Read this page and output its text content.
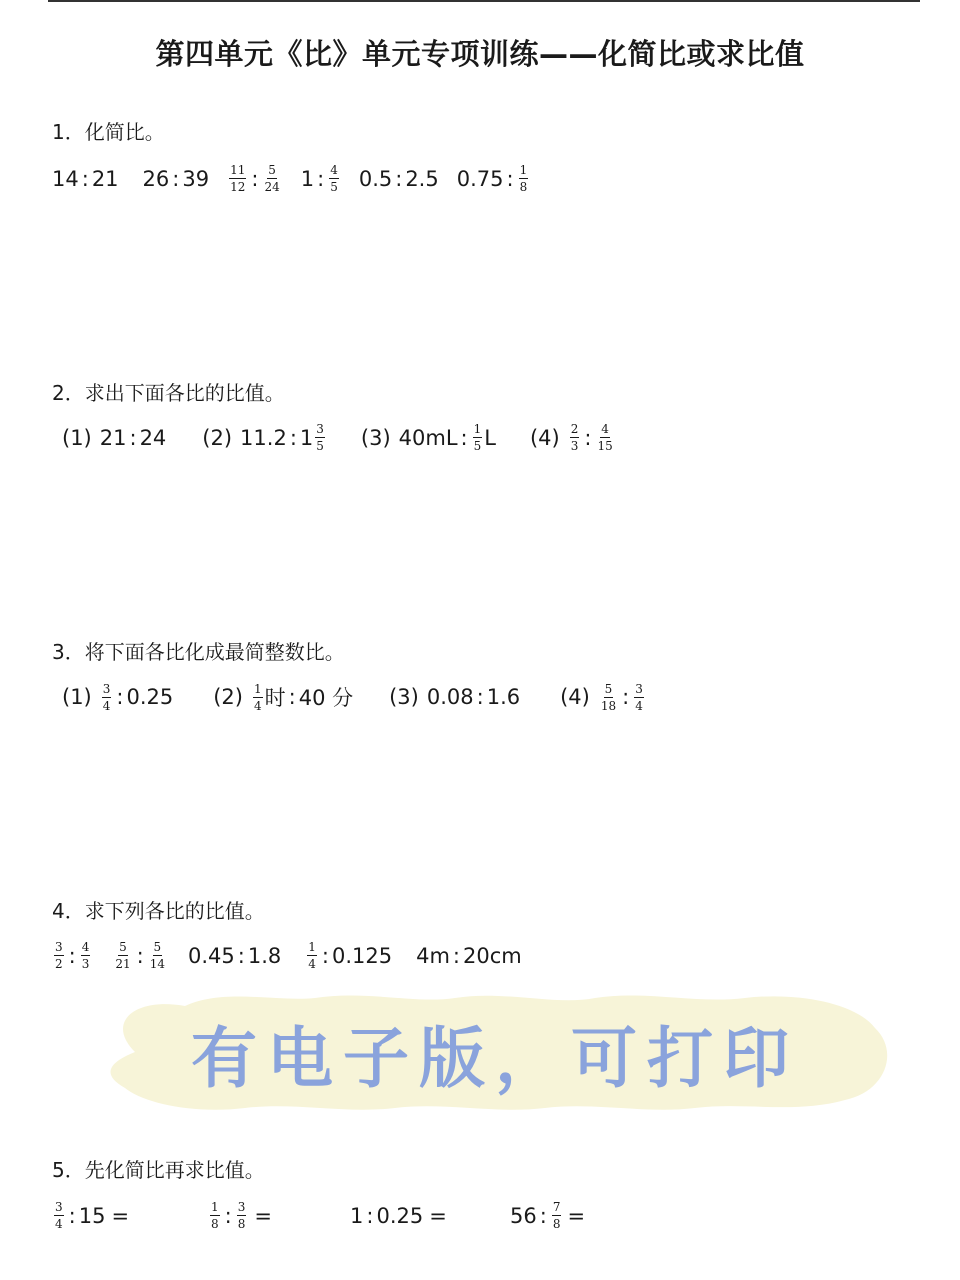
第四单元《比》单元专项训练——化简比或求比值
1．化简比。
14 : 21 26 : $39 \frac{11}{12}$ : $\frac{5}{24} 1$ : $\frac{4}{5} 0.5$ : 2.5 0.75 : $\frac{1}{8}$
2．求出下面各比的比值。
(1) 21 : 24 (2) 11.2 : $1 \frac{3}{5} (3)$ 40mL : $\frac{1}{5}$ L $(4) \frac{2}{3}$ : $\frac{4}{15}$
3．将下面各比化成最简整数比。
$(1) \frac{3}{4}$ : 0.25 $(2) \frac{1}{4}$ 时 : 40 分 (3) 0.08 : 1.6 $(4) \frac{5}{18}$ : $\frac{3}{4}$
4．求下列各比的比值。
$\frac{3}{2}$ : $\frac{4}{3} \frac{5}{21}$ : $\frac{5}{14} 0.45$ : $1.8 \frac{1}{4}$ : 0.125 4m : 20cm
有电子版，可打印
5．先化简比再求比值。
$\frac{3}{4}$ : 15 =	$\frac{1}{8}$ : $\frac{3}{8}$ =	1 : 0.25 =	56 : $\frac{7}{8}$ =
